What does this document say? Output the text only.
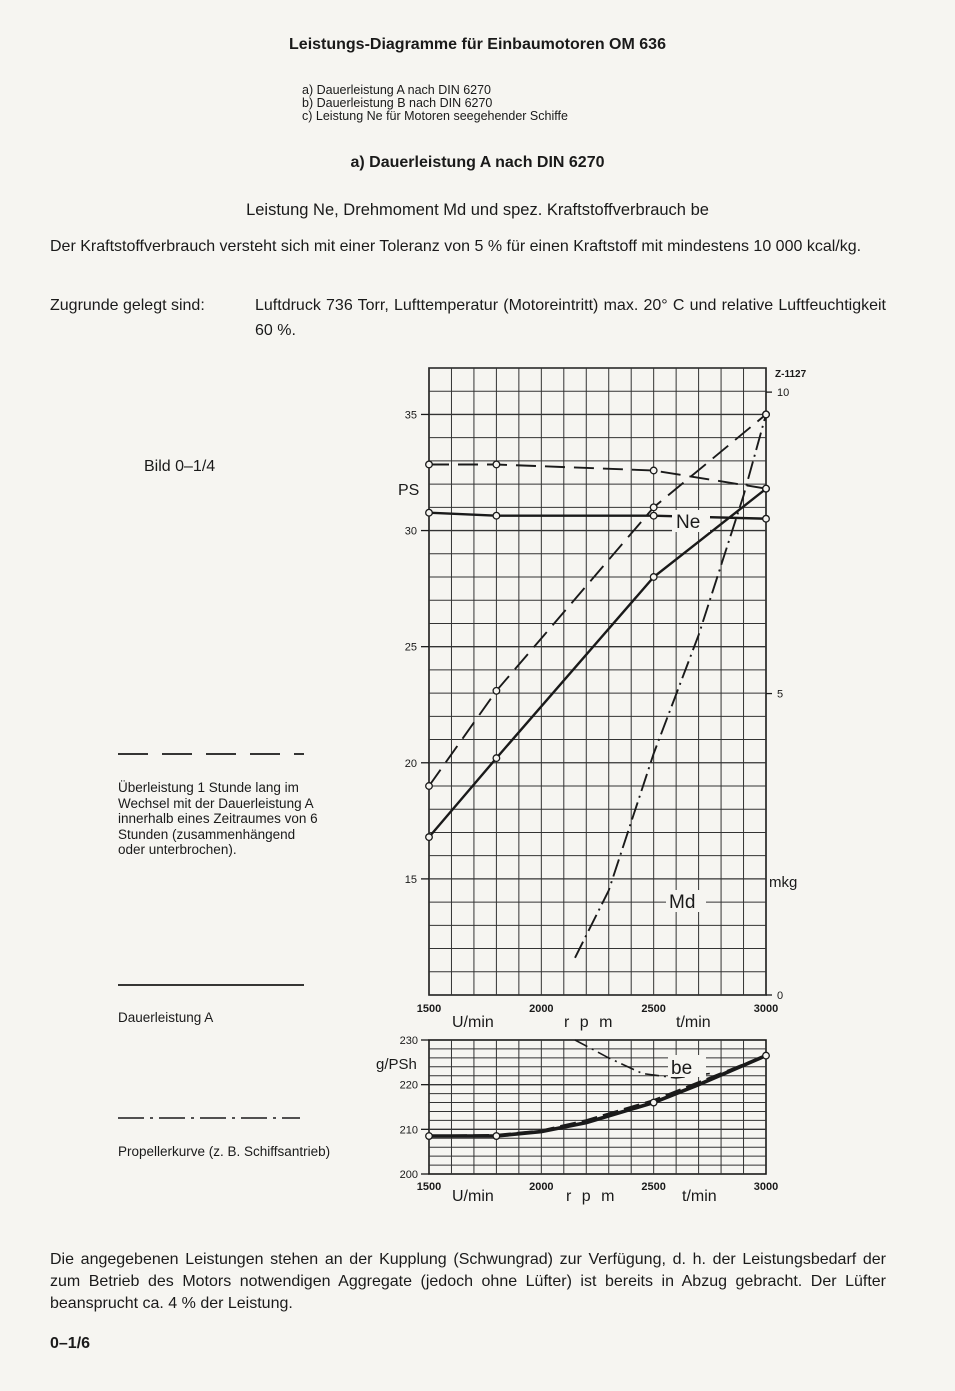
Leistungs-Diagramme für Einbaumotoren OM 636
a) Dauerleistung A nach DIN 6270
b) Dauerleistung B nach DIN 6270
c) Leistung Ne für Motoren seegehender Schiffe
a) Dauerleistung A nach DIN 6270
Leistung Ne, Drehmoment Md und spez. Kraftstoffverbrauch be
Der Kraftstoffverbrauch versteht sich mit einer Toleranz von 5 % für einen Kraftstoff mit mindestens 10 000 kcal/kg.
Zugrunde gelegt sind:	Luftdruck 736 Torr, Lufttemperatur (Motoreintritt) max. 20° C und relative Luftfeuchtigkeit 60 %.
Bild 0–1/4
Überleistung 1 Stunde lang im Wechsel mit der Dauerleistung A innerhalb eines Zeitraumes von 6 Stunden (zusammenhängend oder unterbrochen).
Dauerleistung A
Propellerkurve (z. B. Schiffsantrieb)
Z-1127
PS
mkg
15
20
25
30
35
0
5
10
1500	2000	2500	3000
U/min	r p m	t/min
Ne
Md
g/PSh
200
210
220
230
1500	2000	2500	3000
U/min	r p m	t/min
be
Die angegebenen Leistungen stehen an der Kupplung (Schwungrad) zur Verfügung, d. h. der Leistungsbedarf der zum Betrieb des Motors notwendigen Aggregate (jedoch ohne Lüfter) ist bereits in Abzug gebracht. Der Lüfter beansprucht ca. 4 % der Leistung.
0–1/6
